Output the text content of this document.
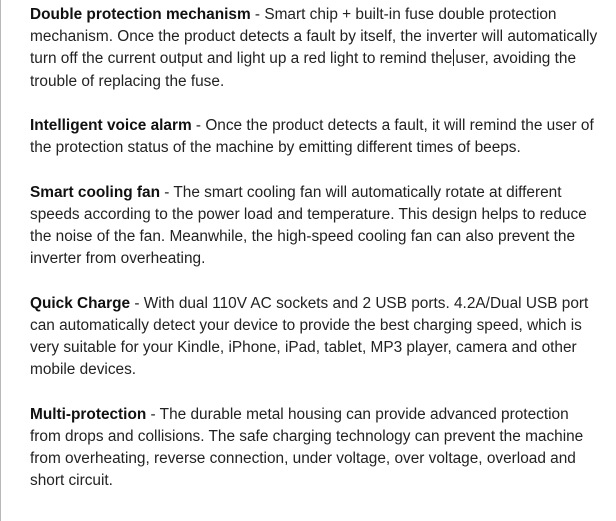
Double protection mechanism - Smart chip + built-in fuse double protection mechanism. Once the product detects a fault by itself, the inverter will automatically turn off the current output and light up a red light to remind the user, avoiding the trouble of replacing the fuse.

Intelligent voice alarm - Once the product detects a fault, it will remind the user of the protection status of the machine by emitting different times of beeps.

Smart cooling fan - The smart cooling fan will automatically rotate at different speeds according to the power load and temperature. This design helps to reduce the noise of the fan. Meanwhile, the high-speed cooling fan can also prevent the inverter from overheating.

Quick Charge - With dual 110V AC sockets and 2 USB ports. 4.2A/Dual USB port can automatically detect your device to provide the best charging speed, which is very suitable for your Kindle, iPhone, iPad, tablet, MP3 player, camera and other mobile devices.

Multi-protection - The durable metal housing can provide advanced protection from drops and collisions. The safe charging technology can prevent the machine from overheating, reverse connection, under voltage, over voltage, overload and short circuit.
